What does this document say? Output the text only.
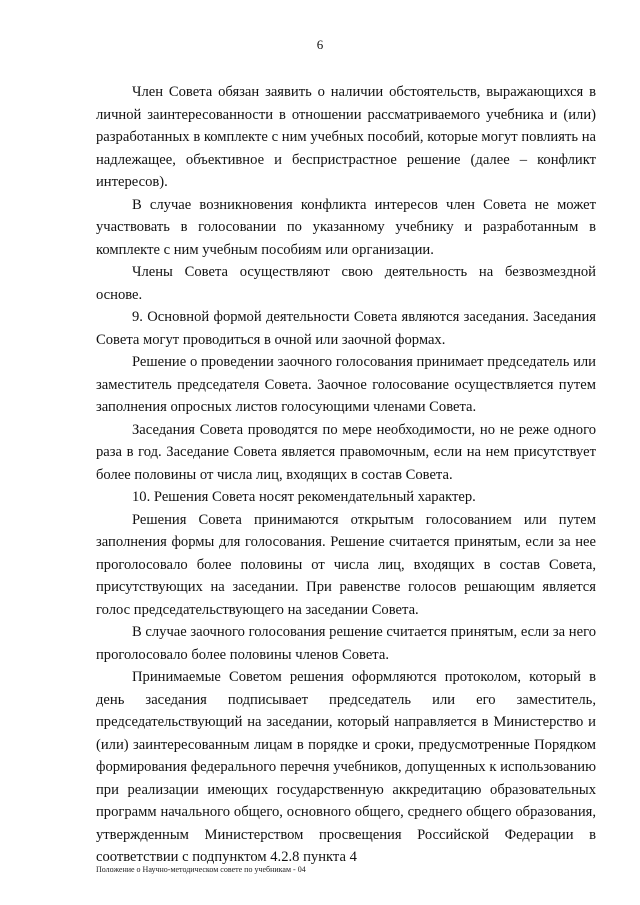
6

Член Совета обязан заявить о наличии обстоятельств, выражающихся в личной заинтересованности в отношении рассматриваемого учебника и (или) разработанных в комплекте с ним учебных пособий, которые могут повлиять на надлежащее, объективное и беспристрастное решение (далее – конфликт интересов).

В случае возникновения конфликта интересов член Совета не может участвовать в голосовании по указанному учебнику и разработанным в комплекте с ним учебным пособиям или организации.

Члены Совета осуществляют свою деятельность на безвозмездной основе.

9. Основной формой деятельности Совета являются заседания. Заседания Совета могут проводиться в очной или заочной формах.

Решение о проведении заочного голосования принимает председатель или заместитель председателя Совета. Заочное голосование осуществляется путем заполнения опросных листов голосующими членами Совета.

Заседания Совета проводятся по мере необходимости, но не реже одного раза в год. Заседание Совета является правомочным, если на нем присутствует более половины от числа лиц, входящих в состав Совета.

10. Решения Совета носят рекомендательный характер.

Решения Совета принимаются открытым голосованием или путем заполнения формы для голосования. Решение считается принятым, если за нее проголосовало более половины от числа лиц, входящих в состав Совета, присутствующих на заседании. При равенстве голосов решающим является голос председательствующего на заседании Совета.

В случае заочного голосования решение считается принятым, если за него проголосовало более половины членов Совета.

Принимаемые Советом решения оформляются протоколом, который в день заседания подписывает председатель или его заместитель, председательствующий на заседании, который направляется в Министерство и (или) заинтересованным лицам в порядке и сроки, предусмотренные Порядком формирования федерального перечня учебников, допущенных к использованию при реализации имеющих государственную аккредитацию образовательных программ начального общего, основного общего, среднего общего образования, утвержденным Министерством просвещения Российской Федерации в соответствии с подпунктом 4.2.8 пункта 4

Положение о Научно-методическом совете по учебникам - 04
